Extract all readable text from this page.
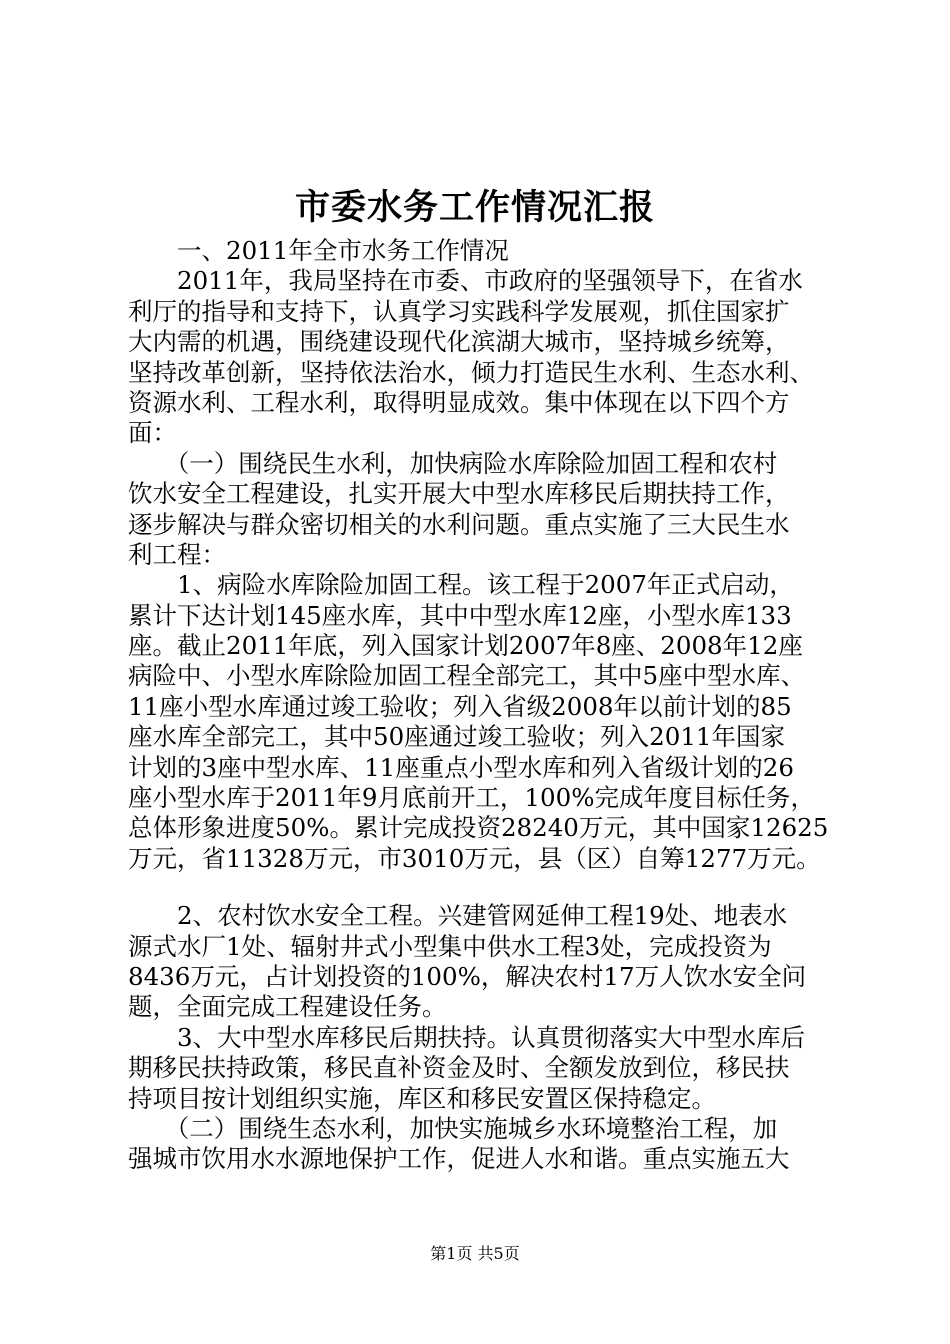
市委水务工作情况汇报
　　一、2011年全市水务工作情况
　　2011年，我局坚持在市委、市政府的坚强领导下，在省水
利厅的指导和支持下，认真学习实践科学发展观，抓住国家扩
大内需的机遇，围绕建设现代化滨湖大城市，坚持城乡统筹，
坚持改革创新，坚持依法治水，倾力打造民生水利、生态水利、
资源水利、工程水利，取得明显成效。集中体现在以下四个方
面：
　　（一）围绕民生水利，加快病险水库除险加固工程和农村
饮水安全工程建设，扎实开展大中型水库移民后期扶持工作，
逐步解决与群众密切相关的水利问题。重点实施了三大民生水
利工程：
　　1、病险水库除险加固工程。该工程于2007年正式启动，
累计下达计划145座水库，其中中型水库12座，小型水库133
座。截止2011年底，列入国家计划2007年8座、2008年12座
病险中、小型水库除险加固工程全部完工，其中5座中型水库、
11座小型水库通过竣工验收；列入省级2008年以前计划的85
座水库全部完工，其中50座通过竣工验收；列入2011年国家
计划的3座中型水库、11座重点小型水库和列入省级计划的26
座小型水库于2011年9月底前开工，100%完成年度目标任务，
总体形象进度50%。累计完成投资28240万元，其中国家12625
万元，省11328万元，市3010万元，县（区）自筹1277万元。
　　2、农村饮水安全工程。兴建管网延伸工程19处、地表水
源式水厂1处、辐射井式小型集中供水工程3处，完成投资为
8436万元，占计划投资的100%，解决农村17万人饮水安全问
题，全面完成工程建设任务。
　　3、大中型水库移民后期扶持。认真贯彻落实大中型水库后
期移民扶持政策，移民直补资金及时、全额发放到位，移民扶
持项目按计划组织实施，库区和移民安置区保持稳定。
　　（二）围绕生态水利，加快实施城乡水环境整治工程，加
强城市饮用水水源地保护工作，促进人水和谐。重点实施五大
第1页 共5页
